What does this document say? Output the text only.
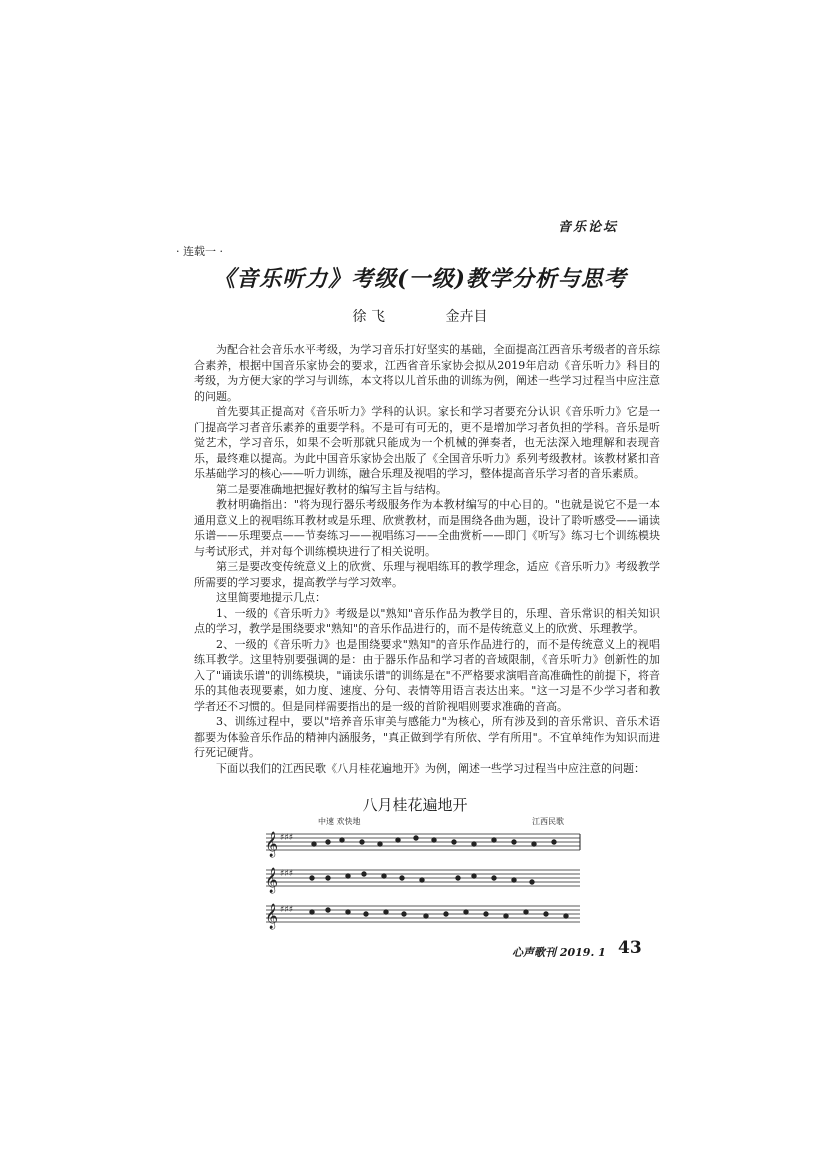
音乐论坛
· 连载一 ·
《音乐听力》考级(一级)教学分析与思考
徐 飞	金卉目

为配合社会音乐水平考级，为学习音乐打好坚实的基础，全面提高江西音乐考级者的音乐综合素养，根据中国音乐家协会的要求，江西省音乐家协会拟从2019年启动《音乐听力》科目的考级，为方便大家的学习与训练，本文将以儿首乐曲的训练为例，阐述一些学习过程当中应注意的问题。

首先要其正提高对《音乐听力》学科的认识。家长和学习者要充分认识《音乐听力》它是一门提高学习者音乐素养的重要学科。不是可有可无的，更不是增加学习者负担的学科。音乐是听觉艺术，学习音乐，如果不会听那就只能成为一个机械的弹奏者，也无法深入地理解和表现音乐，最终难以提高。为此中国音乐家协会出版了《全国音乐听力》系列考级教材。该教材紧扣音乐基础学习的核心——听力训练，融合乐理及视唱的学习，整体提高音乐学习者的音乐素质。

第二是要准确地把握好教材的编写主旨与结构。

教材明确指出："将为现行器乐考级服务作为本教材编写的中心目的。"也就是说它不是一本通用意义上的视唱练耳教材或是乐理、欣赏教材，而是围绕各曲为题，设计了聆听感受——诵读乐谱——乐理要点——节奏练习——视唱练习——全曲赏析——即门《听写》练习七个训练模块与考试形式，并对每个训练模块进行了相关说明。

第三是要改变传统意义上的欣赏、乐理与视唱练耳的教学理念，适应《音乐听力》考级教学所需要的学习要求，提高教学与学习效率。

这里简要地提示几点：

1、一级的《音乐听力》考级是以"熟知"音乐作品为教学目的，乐理、音乐常识的相关知识点的学习，教学是围绕要求"熟知"的音乐作品进行的，而不是传统意义上的欣赏、乐理教学。

2、一级的《音乐听力》也是围绕要求"熟知"的音乐作品进行的，而不是传统意义上的视唱练耳教学。这里特别要强调的是：由于器乐作品和学习者的音域限制，《音乐听力》创新性的加入了"诵读乐谱"的训练模块，"诵读乐谱"的训练是在"不严格要求演唱音高准确性的前提下，将音乐的其他表现要素，如力度、速度、分句、表情等用语言表达出来。"这一习是不少学习者和教学者还不习惯的。但是同样需要指出的是一级的首阶视唱则要求准确的音高。

3、训练过程中，要以"培养音乐审美与感能力"为核心，所有涉及到的音乐常识、音乐术语都要为体验音乐作品的精神内涵服务，"真正做到学有所依、学有所用"。不宜单纯作为知识而进行死记硬背。

下面以我们的江西民歌《八月桂花遍地开》为例，阐述一些学习过程当中应注意的问题：

八月桂花遍地开
中速 欢快地	江西民歌
𝄞 ♯♯♯
𝄞 ♯♯♯
𝄞 ♯♯♯
心声歌刊 2019. 1 43
